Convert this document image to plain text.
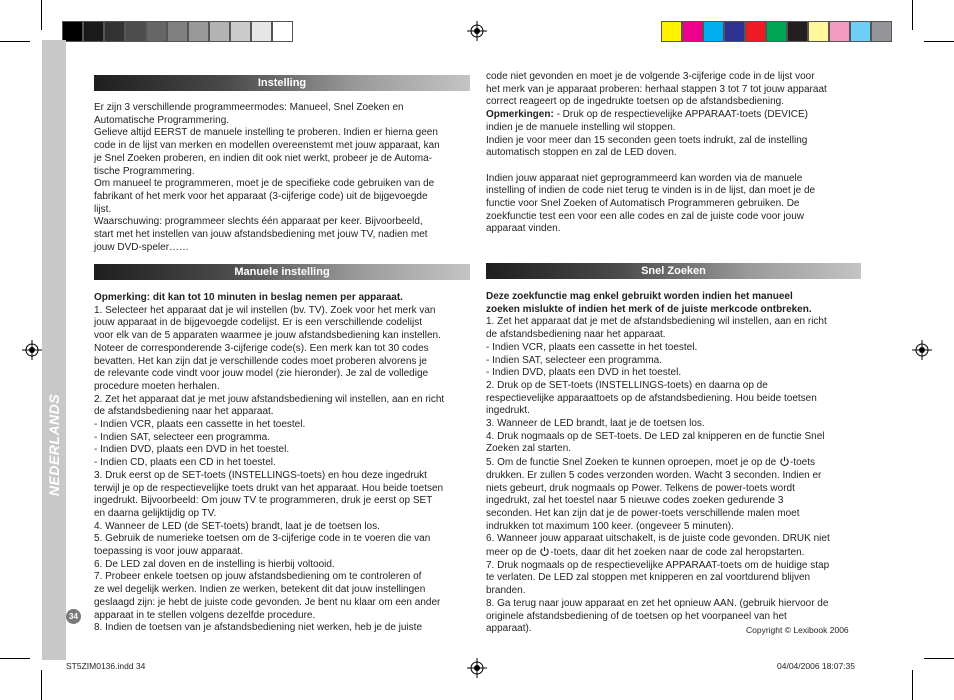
NEDERLANDS
34
Instelling

Er zijn 3 verschillende programmeermodes: Manueel, Snel Zoeken en

Automatische Programmering.

Gelieve altijd EERST de manuele instelling te proberen. Indien er hierna geen

code in de lijst van merken en modellen overeenstemt met jouw apparaat, kan

je Snel Zoeken proberen, en indien dit ook niet werkt, probeer je de Automa-

tische Programmering.

Om manueel te programmeren, moet je de specifieke code gebruiken van de

fabrikant of het merk voor het apparaat (3-cijferige code) uit de bijgevoegde

lijst.

Waarschuwing: programmeer slechts één apparaat per keer. Bijvoorbeeld,

start met het instellen van jouw afstandsbediening met jouw TV, nadien met

jouw DVD-speler……

Manuele instelling

Opmerking: dit kan tot 10 minuten in beslag nemen per apparaat.

1. Selecteer het apparaat dat je wil instellen (bv. TV). Zoek voor het merk van

jouw apparaat in de bijgevoegde codelijst. Er is een verschillende codelijst

voor elk van de 5 apparaten waarmee je jouw afstandsbediening kan instellen.

Noteer de corresponderende 3-cijferige code(s). Een merk kan tot 30 codes

bevatten. Het kan zijn dat je verschillende codes moet proberen alvorens je

de relevante code vindt voor jouw model (zie hieronder). Je zal de volledige

procedure moeten herhalen.

2. Zet het apparaat dat je met jouw afstandsbediening wil instellen, aan en richt

de afstandsbediening naar het apparaat.

- Indien VCR, plaats een cassette in het toestel.

- Indien SAT, selecteer een programma.

- Indien DVD, plaats een DVD in het toestel.

- Indien CD, plaats een CD in het toestel.

3. Druk eerst op de SET-toets (INSTELLINGS-toets) en hou deze ingedrukt

terwijl je op de respectievelijke toets drukt van het apparaat. Hou beide toetsen

ingedrukt. Bijvoorbeeld: Om jouw TV te programmeren, druk je eerst op SET

en daarna gelijktijdig op TV.

4. Wanneer de LED (de SET-toets) brandt, laat je de toetsen los.

5. Gebruik de numerieke toetsen om de 3-cijferige code in te voeren die van

toepassing is voor jouw apparaat.

6. De LED zal doven en de instelling is hierbij voltooid.

7. Probeer enkele toetsen op jouw afstandsbediening om te controleren of

ze wel degelijk werken. Indien ze werken, betekent dit dat jouw instellingen

geslaagd zijn: je hebt de juiste code gevonden. Je bent nu klaar om een ander

apparaat in te stellen volgens dezelfde procedure.

8. Indien de toetsen van je afstandsbediening niet werken, heb je de juiste

code niet gevonden en moet je de volgende 3-cijferige code in de lijst voor

het merk van je apparaat proberen: herhaal stappen 3 tot 7 tot jouw apparaat

correct reageert op de ingedrukte toetsen op de afstandsbediening.

Opmerkingen: - Druk op de respectievelijke APPARAAT-toets (DEVICE)

indien je de manuele instelling wil stoppen.

Indien je voor meer dan 15 seconden geen toets indrukt, zal de instelling

automatisch stoppen en zal de LED doven.

Indien jouw apparaat niet geprogrammeerd kan worden via de manuele

instelling of indien de code niet terug te vinden is in de lijst, dan moet je de

functie voor Snel Zoeken of Automatisch Programmeren gebruiken. De

zoekfunctie test een voor een alle codes en zal de juiste code voor jouw

apparaat vinden.

Snel Zoeken

Deze zoekfunctie mag enkel gebruikt worden indien het manueel

zoeken mislukte of indien het merk of de juiste merkcode ontbreken.

1. Zet het apparaat dat je met de afstandsbediening wil instellen, aan en richt

de afstandsbediening naar het apparaat.

- Indien VCR, plaats een cassette in het toestel.

- Indien SAT, selecteer een programma.

- Indien DVD, plaats een DVD in het toestel.

2. Druk op de SET-toets (INSTELLINGS-toets) en daarna op de

respectievelijke apparaattoets op de afstandsbediening. Hou beide toetsen

ingedrukt.

3. Wanneer de LED brandt, laat je de toetsen los.

4. Druk nogmaals op de SET-toets. De LED zal knipperen en de functie Snel

Zoeken zal starten.

5. Om de functie Snel Zoeken te kunnen oproepen, moet je op de -toets

drukken. Er zullen 5 codes verzonden worden. Wacht 3 seconden. Indien er

niets gebeurt, druk nogmaals op Power. Telkens de power-toets wordt

ingedrukt, zal het toestel naar 5 nieuwe codes zoeken gedurende 3

seconden. Het kan zijn dat je de power-toets verschillende malen moet

indrukken tot maximum 100 keer. (ongeveer 5 minuten).

6. Wanneer jouw apparaat uitschakelt, is de juiste code gevonden. DRUK niet

meer op de -toets, daar dit het zoeken naar de code zal heropstarten.

7. Druk nogmaals op de respectievelijke APPARAAT-toets om de huidige stap

te verlaten. De LED zal stoppen met knipperen en zal voortdurend blijven

branden.

8. Ga terug naar jouw apparaat en zet het opnieuw AAN. (gebruik hiervoor de

originele afstandsbediening of de toetsen op het voorpaneel van het

apparaat).	Copyright © Lexibook 2006
ST5ZIM0136.indd 34	04/04/2006 18:07:35
